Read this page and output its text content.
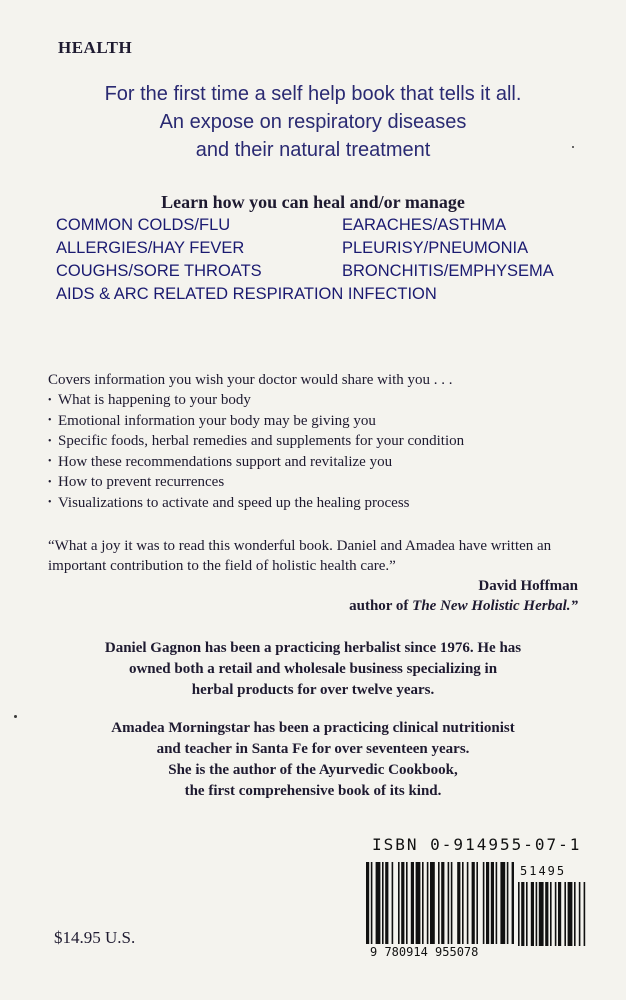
HEALTH
For the first time a self help book that tells it all.
An expose on respiratory diseases
and their natural treatment
Learn how you can heal and/or manage
COMMON COLDS/FLU
ALLERGIES/HAY FEVER
COUGHS/SORE THROATS
EARACHES/ASTHMA
PLEURISY/PNEUMONIA
BRONCHITIS/EMPHYSEMA
AIDS & ARC RELATED RESPIRATION INFECTION
Covers information you wish your doctor would share with you . . .
• What is happening to your body
• Emotional information your body may be giving you
• Specific foods, herbal remedies and supplements for your condition
• How these recommendations support and revitalize you
• How to prevent recurrences
• Visualizations to activate and speed up the healing process
“What a joy it was to read this wonderful book. Daniel and Amadea have written an important contribution to the field of holistic health care.”
David Hoffman
author of The New Holistic Herbal.”
Daniel Gagnon has been a practicing herbalist since 1976. He has
owned both a retail and wholesale business specializing in
herbal products for over twelve years.
Amadea Morningstar has been a practicing clinical nutritionist
and teacher in Santa Fe for over seventeen years.
She is the author of the Ayurvedic Cookbook,
the first comprehensive book of its kind.
ISBN 0-914955-07-1
9 780914 955078
51495
$14.95 U.S.
